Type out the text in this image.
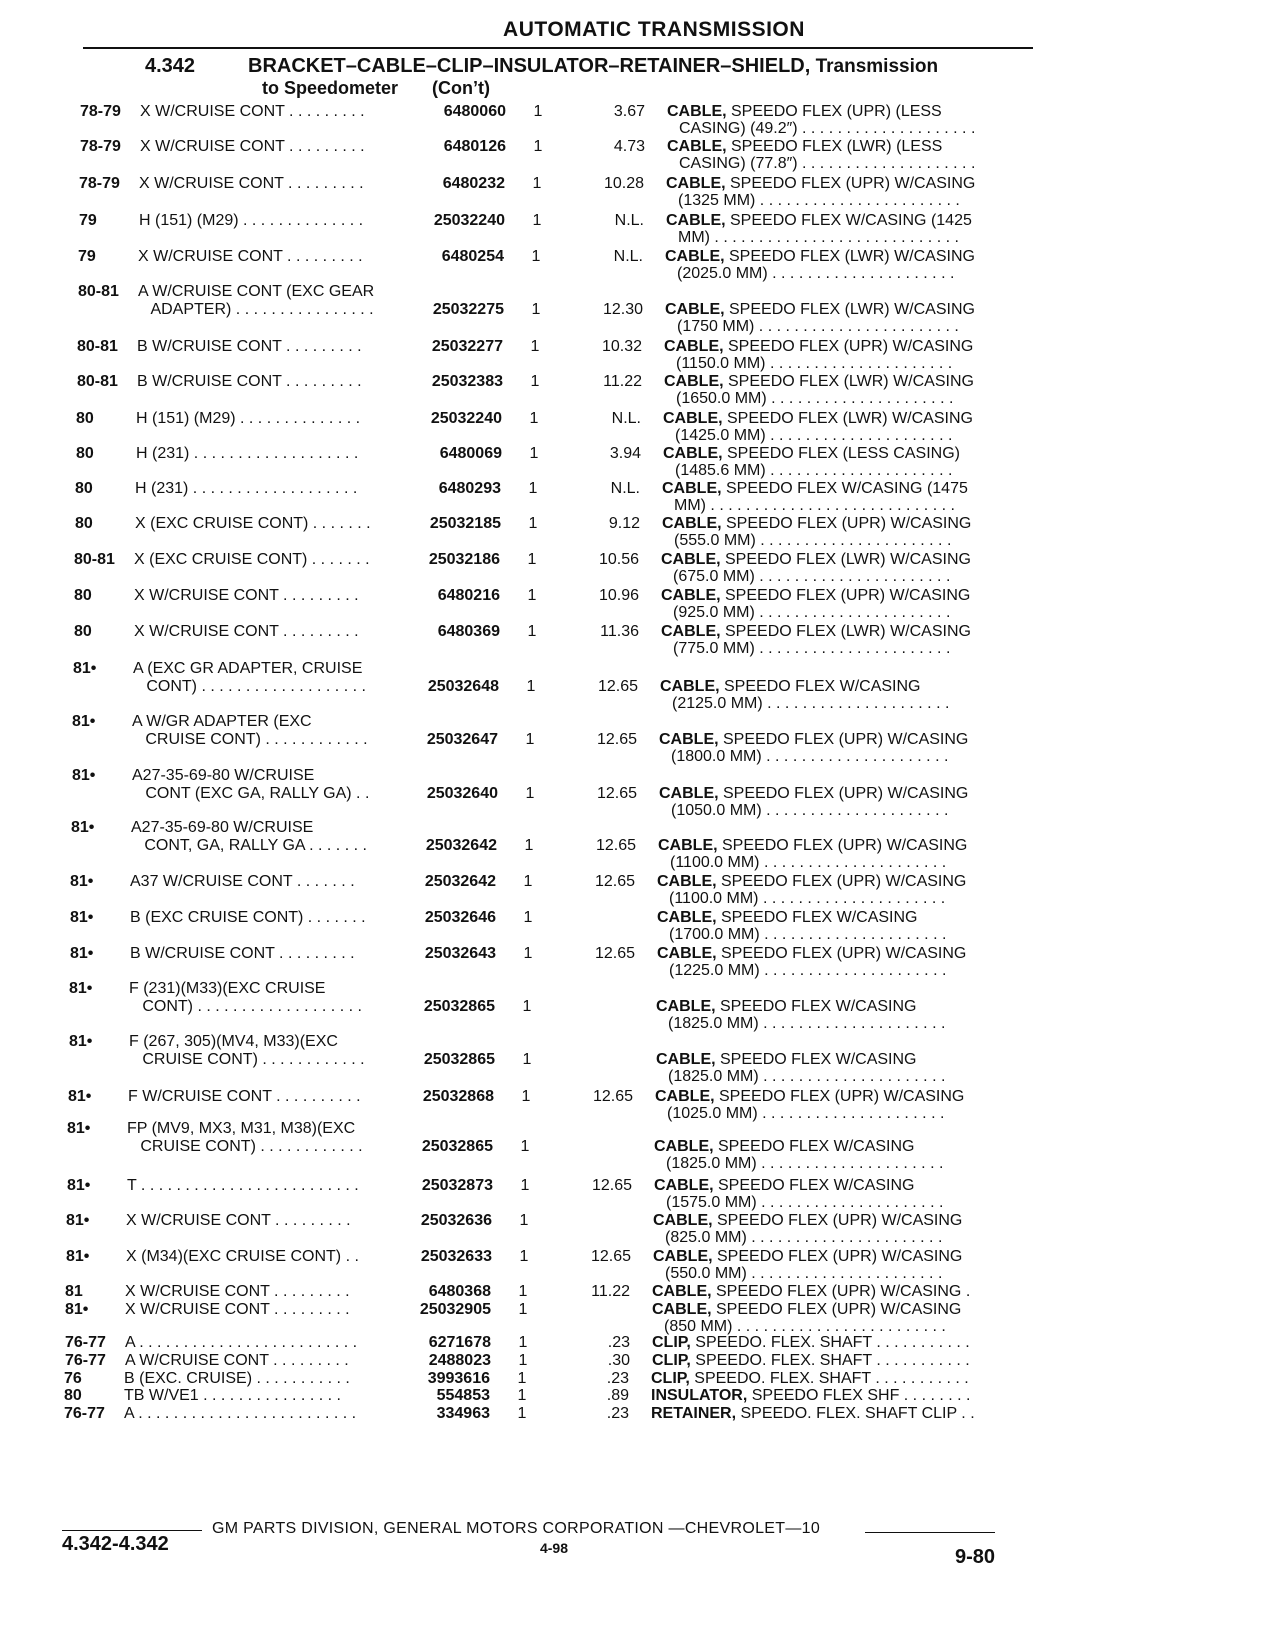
AUTOMATIC TRANSMISSION
4.342	BRACKET–CABLE–CLIP–INSULATOR–RETAINER–SHIELD, Transmission
to Speedometer (Con’t)
78-79	X W/CRUISE CONT . . . . . . . . .	6480060 1	3.67 CABLE, SPEEDO FLEX (UPR) (LESS
CASING) (49.2″) . . . . . . . . . . . . . . . . . . . .
78-79	X W/CRUISE CONT . . . . . . . . .	6480126 1	4.73 CABLE, SPEEDO FLEX (LWR) (LESS
CASING) (77.8″) . . . . . . . . . . . . . . . . . . . .
78-79	X W/CRUISE CONT . . . . . . . . .	6480232 1	10.28 CABLE, SPEEDO FLEX (UPR) W/CASING
(1325 MM) . . . . . . . . . . . . . . . . . . . . . . .
79	H (151) (M29) . . . . . . . . . . . . . .	25032240 1	N.L. CABLE, SPEEDO FLEX W/CASING (1425
MM) . . . . . . . . . . . . . . . . . . . . . . . . . . . .
79	X W/CRUISE CONT . . . . . . . . .	6480254 1	N.L. CABLE, SPEEDO FLEX (LWR) W/CASING
(2025.0 MM) . . . . . . . . . . . . . . . . . . . . .
80-81	A W/CRUISE CONT (EXC GEAR
ADAPTER) . . . . . . . . . . . . . . . .	25032275 1	12.30 CABLE, SPEEDO FLEX (LWR) W/CASING
(1750 MM) . . . . . . . . . . . . . . . . . . . . . . .
80-81	B W/CRUISE CONT . . . . . . . . .	25032277 1	10.32 CABLE, SPEEDO FLEX (UPR) W/CASING
(1150.0 MM) . . . . . . . . . . . . . . . . . . . . .
80-81	B W/CRUISE CONT . . . . . . . . .	25032383 1	11.22 CABLE, SPEEDO FLEX (LWR) W/CASING
(1650.0 MM) . . . . . . . . . . . . . . . . . . . . .
80	H (151) (M29) . . . . . . . . . . . . . .	25032240 1	N.L. CABLE, SPEEDO FLEX (LWR) W/CASING
(1425.0 MM) . . . . . . . . . . . . . . . . . . . . .
80	H (231) . . . . . . . . . . . . . . . . . . .	6480069 1	3.94 CABLE, SPEEDO FLEX (LESS CASING)
(1485.6 MM) . . . . . . . . . . . . . . . . . . . . .
80	H (231) . . . . . . . . . . . . . . . . . . .	6480293 1	N.L. CABLE, SPEEDO FLEX W/CASING (1475
MM) . . . . . . . . . . . . . . . . . . . . . . . . . . . .
80	X (EXC CRUISE CONT) . . . . . . .	25032185 1	9.12 CABLE, SPEEDO FLEX (UPR) W/CASING
(555.0 MM) . . . . . . . . . . . . . . . . . . . . . .
80-81	X (EXC CRUISE CONT) . . . . . . .	25032186 1	10.56 CABLE, SPEEDO FLEX (LWR) W/CASING
(675.0 MM) . . . . . . . . . . . . . . . . . . . . . .
80	X W/CRUISE CONT . . . . . . . . .	6480216 1	10.96 CABLE, SPEEDO FLEX (UPR) W/CASING
(925.0 MM) . . . . . . . . . . . . . . . . . . . . . .
80	X W/CRUISE CONT . . . . . . . . .	6480369 1	11.36 CABLE, SPEEDO FLEX (LWR) W/CASING
(775.0 MM) . . . . . . . . . . . . . . . . . . . . . .
81•	A (EXC GR ADAPTER, CRUISE
CONT) . . . . . . . . . . . . . . . . . . .	25032648 1	12.65 CABLE, SPEEDO FLEX W/CASING
(2125.0 MM) . . . . . . . . . . . . . . . . . . . . .
81•	A W/GR ADAPTER (EXC
CRUISE CONT) . . . . . . . . . . . .	25032647 1	12.65 CABLE, SPEEDO FLEX (UPR) W/CASING
(1800.0 MM) . . . . . . . . . . . . . . . . . . . . .
81•	A27-35-69-80 W/CRUISE
CONT (EXC GA, RALLY GA) . .	25032640 1	12.65 CABLE, SPEEDO FLEX (UPR) W/CASING
(1050.0 MM) . . . . . . . . . . . . . . . . . . . . .
81•	A27-35-69-80 W/CRUISE
CONT, GA, RALLY GA . . . . . . .	25032642 1	12.65 CABLE, SPEEDO FLEX (UPR) W/CASING
(1100.0 MM) . . . . . . . . . . . . . . . . . . . . .
81•	A37 W/CRUISE CONT . . . . . . .	25032642 1	12.65 CABLE, SPEEDO FLEX (UPR) W/CASING
(1100.0 MM) . . . . . . . . . . . . . . . . . . . . .
81•	B (EXC CRUISE CONT) . . . . . . .	25032646 1	CABLE, SPEEDO FLEX W/CASING
(1700.0 MM) . . . . . . . . . . . . . . . . . . . . .
81•	B W/CRUISE CONT . . . . . . . . .	25032643 1	12.65 CABLE, SPEEDO FLEX (UPR) W/CASING
(1225.0 MM) . . . . . . . . . . . . . . . . . . . . .
81•	F (231)(M33)(EXC CRUISE
CONT) . . . . . . . . . . . . . . . . . . .	25032865 1	CABLE, SPEEDO FLEX W/CASING
(1825.0 MM) . . . . . . . . . . . . . . . . . . . . .
81•	F (267, 305)(MV4, M33)(EXC
CRUISE CONT) . . . . . . . . . . . .	25032865 1	CABLE, SPEEDO FLEX W/CASING
(1825.0 MM) . . . . . . . . . . . . . . . . . . . . .
81•	F W/CRUISE CONT . . . . . . . . . .	25032868 1	12.65 CABLE, SPEEDO FLEX (UPR) W/CASING
(1025.0 MM) . . . . . . . . . . . . . . . . . . . . .
81•	FP (MV9, MX3, M31, M38)(EXC
CRUISE CONT) . . . . . . . . . . . .	25032865 1	CABLE, SPEEDO FLEX W/CASING
(1825.0 MM) . . . . . . . . . . . . . . . . . . . . .
81•	T . . . . . . . . . . . . . . . . . . . . . . . . .	25032873 1	12.65 CABLE, SPEEDO FLEX W/CASING
(1575.0 MM) . . . . . . . . . . . . . . . . . . . . .
81•	X W/CRUISE CONT . . . . . . . . .	25032636 1	CABLE, SPEEDO FLEX (UPR) W/CASING
(825.0 MM) . . . . . . . . . . . . . . . . . . . . . .
81•	X (M34)(EXC CRUISE CONT) . .	25032633 1	12.65 CABLE, SPEEDO FLEX (UPR) W/CASING
(550.0 MM) . . . . . . . . . . . . . . . . . . . . . .
81	X W/CRUISE CONT . . . . . . . . .	6480368 1	11.22 CABLE, SPEEDO FLEX (UPR) W/CASING .
81•	X W/CRUISE CONT . . . . . . . . .	25032905 1	CABLE, SPEEDO FLEX (UPR) W/CASING
(850 MM) . . . . . . . . . . . . . . . . . . . . . . . .
76-77	A . . . . . . . . . . . . . . . . . . . . . . . . .	6271678 1	.23 CLIP, SPEEDO. FLEX. SHAFT . . . . . . . . . . .
76-77	A W/CRUISE CONT . . . . . . . . .	2488023 1	.30 CLIP, SPEEDO. FLEX. SHAFT . . . . . . . . . . .
76	B (EXC. CRUISE) . . . . . . . . . . .	3993616 1	.23 CLIP, SPEEDO. FLEX. SHAFT . . . . . . . . . . .
80	TB W/VE1 . . . . . . . . . . . . . . . .	554853 1	.89 INSULATOR, SPEEDO FLEX SHF . . . . . . . .
76-77	A . . . . . . . . . . . . . . . . . . . . . . . . .	334963 1	.23 RETAINER, SPEEDO. FLEX. SHAFT CLIP . .
GM PARTS DIVISION, GENERAL MOTORS CORPORATION —CHEVROLET—10
4.342-4.342	4-98	9-80
